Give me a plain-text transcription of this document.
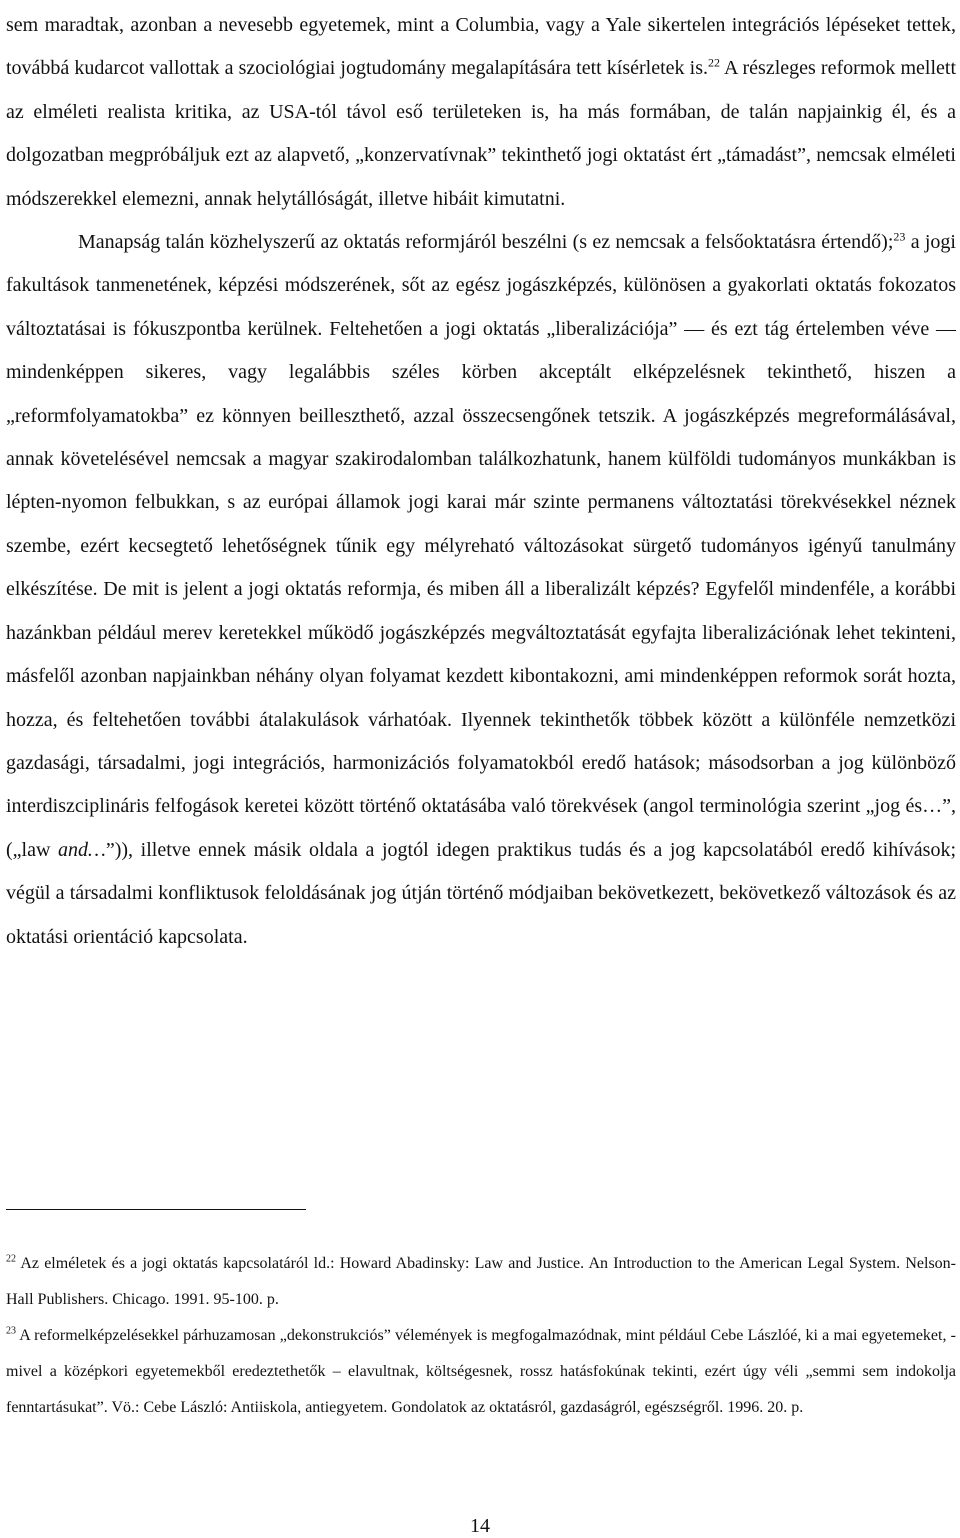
sem maradtak, azonban a nevesebb egyetemek, mint a Columbia, vagy a Yale sikertelen integrációs lépéseket tettek, továbbá kudarcot vallottak a szociológiai jogtudomány megalapítására tett kísérletek is.$^{22}$ A részleges reformok mellett az elméleti realista kritika, az USA-tól távol eső területeken is, ha más formában, de talán napjainkig él, és a dolgozatban megpróbáljuk ezt az alapvető, „konzervatívnak” tekinthető jogi oktatást ért „támadást”, nemcsak elméleti módszerekkel elemezni, annak helytállóságát, illetve hibáit kimutatni.

Manapság talán közhelyszerű az oktatás reformjáról beszélni (s ez nemcsak a felsőoktatásra értendő);$^{23}$ a jogi fakultások tanmenetének, képzési módszerének, sőt az egész jogászképzés, különösen a gyakorlati oktatás fokozatos változtatásai is fókuszpontba kerülnek. Feltehetően a jogi oktatás „liberalizációja” — és ezt tág értelemben véve — mindenképpen sikeres, vagy legalábbis széles körben akceptált elképzelésnek tekinthető, hiszen a „reformfolyamatokba” ez könnyen beilleszthető, azzal összecsengőnek tetszik. A jogászképzés megreformálásával, annak követelésével nemcsak a magyar szakirodalomban találkozhatunk, hanem külföldi tudományos munkákban is lépten-nyomon felbukkan, s az európai államok jogi karai már szinte permanens változtatási törekvésekkel néznek szembe, ezért kecsegtető lehetőségnek tűnik egy mélyreható változásokat sürgető tudományos igényű tanulmány elkészítése. De mit is jelent a jogi oktatás reformja, és miben áll a liberalizált képzés? Egyfelől mindenféle, a korábbi hazánkban például merev keretekkel működő jogászképzés megváltoztatását egyfajta liberalizációnak lehet tekinteni, másfelől azonban napjainkban néhány olyan folyamat kezdett kibontakozni, ami mindenképpen reformok sorát hozta, hozza, és feltehetően további átalakulások várhatóak. Ilyennek tekinthetők többek között a különféle nemzetközi gazdasági, társadalmi, jogi integrációs, harmonizációs folyamatokból eredő hatások; másodsorban a jog különböző interdiszciplináris felfogások keretei között történő oktatásába való törekvések (angol terminológia szerint „jog és…”, („law and…”)), illetve ennek másik oldala a jogtól idegen praktikus tudás és a jog kapcsolatából eredő kihívások; végül a társadalmi konfliktusok feloldásának jog útján történő módjaiban bekövetkezett, bekövetkező változások és az oktatási orientáció kapcsolata.

$^{22}$ Az elméletek és a jogi oktatás kapcsolatáról ld.: Howard Abadinsky: Law and Justice. An Introduction to the American Legal System. Nelson-Hall Publishers. Chicago. 1991. 95-100. p.

$^{23}$ A reformelképzelésekkel párhuzamosan „dekonstrukciós” vélemények is megfogalmazódnak, mint például Cebe Lászlóé, ki a mai egyetemeket, - mivel a középkori egyetemekből eredeztethetők – elavultnak, költségesnek, rossz hatásfokúnak tekinti, ezért úgy véli „semmi sem indokolja fenntartásukat”. Vö.: Cebe László: Antiiskola, antiegyetem. Gondolatok az oktatásról, gazdaságról, egészségről. 1996. 20. p.

14
